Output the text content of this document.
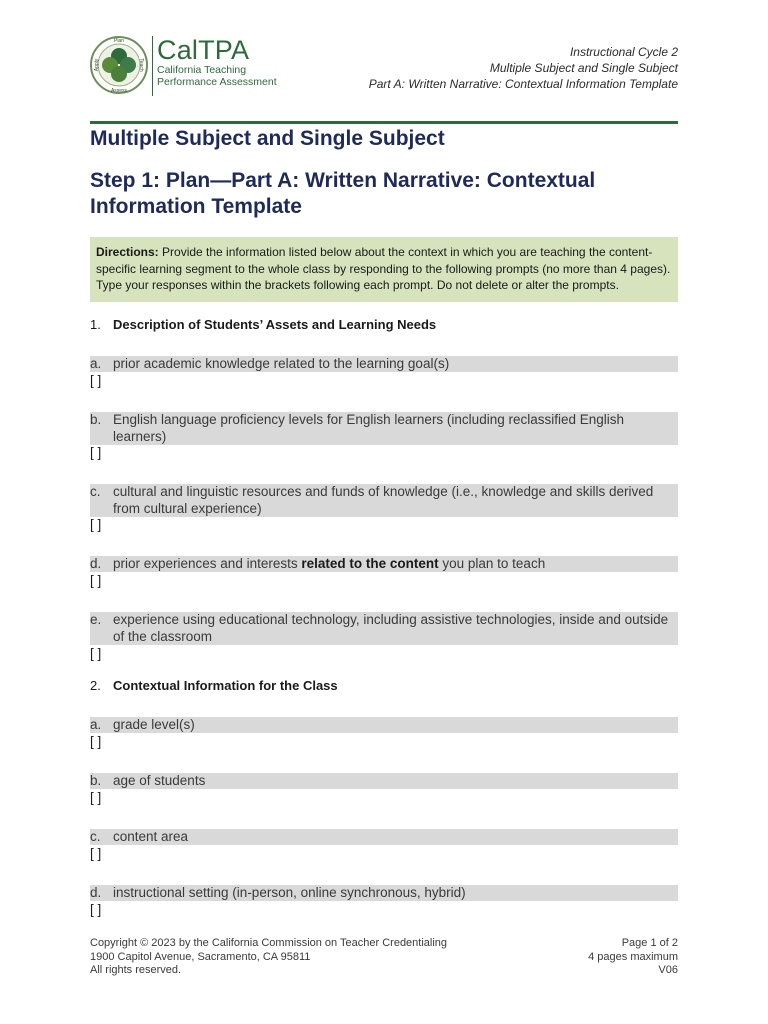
Plan
Assess
Teach
Apply CalTPA
California Teaching
Performance Assessment
Instructional Cycle 2
Multiple Subject and Single Subject
Part A: Written Narrative: Contextual Information Template
Multiple Subject and Single Subject
Step 1: Plan—Part A: Written Narrative: Contextual Information Template
Directions: Provide the information listed below about the context in which you are teaching the content-specific learning segment to the whole class by responding to the following prompts (no more than 4 pages). Type your responses within the brackets following each prompt. Do not delete or alter the prompts.
1. Description of Students’ Assets and Learning Needs
a. prior academic knowledge related to the learning goal(s)
[ ]
b. English language proficiency levels for English learners (including reclassified English learners)
[ ]
c. cultural and linguistic resources and funds of knowledge (i.e., knowledge and skills derived from cultural experience)
[ ]
d. prior experiences and interests related to the content you plan to teach
[ ]
e. experience using educational technology, including assistive technologies, inside and outside of the classroom
[ ]
2. Contextual Information for the Class
a. grade level(s)
[ ]
b. age of students
[ ]
c. content area
[ ]
d. instructional setting (in-person, online synchronous, hybrid)
[ ]
Copyright © 2023 by the California Commission on Teacher Credentialing
1900 Capitol Avenue, Sacramento, CA 95811
All rights reserved.
Page 1 of 2
4 pages maximum
V06
